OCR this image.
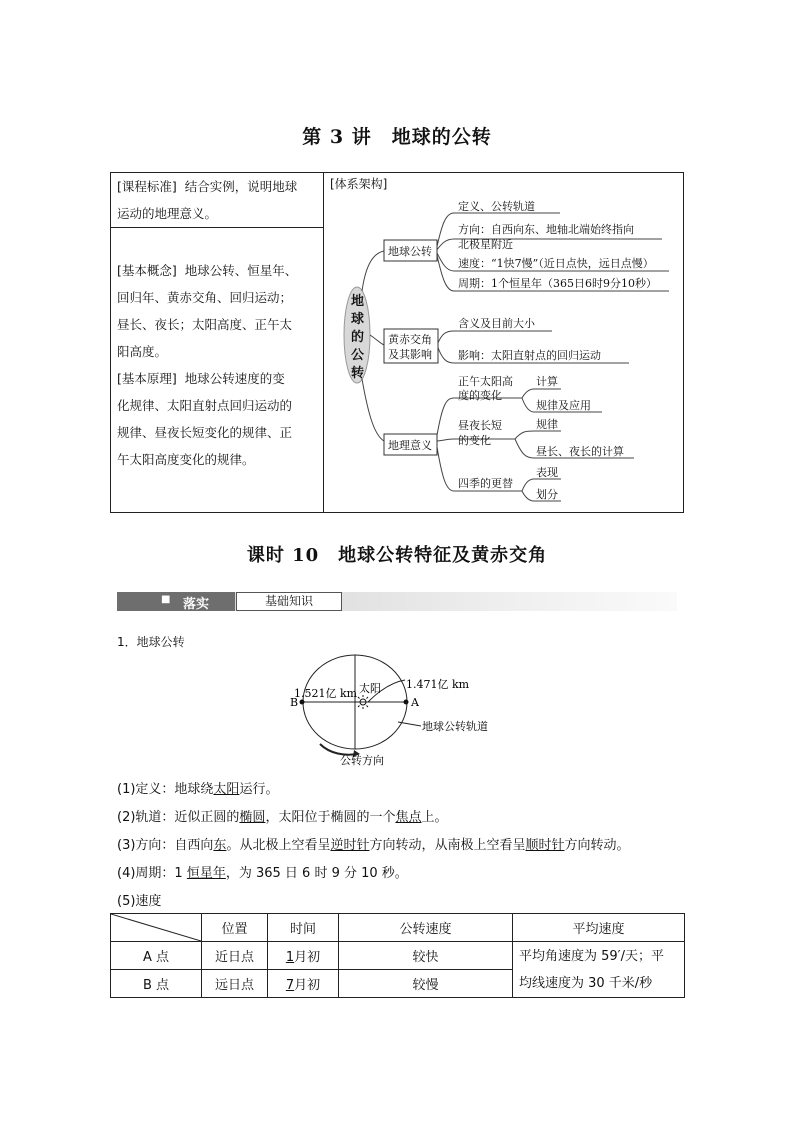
第 3 讲　地球的公转
[课程标准] 结合实例，说明地球
运动的地理意义。
[基本概念] 地球公转、恒星年、
回归年、黄赤交角、回归运动；
昼长、夜长；太阳高度、正午太
阳高度。
[基本原理] 地球公转速度的变
化规律、太阳直射点回归运动的
规律、昼夜长短变化的规律、正
午太阳高度变化的规律。
[体系架构]
地
球
的
公
转
地球公转
黄赤交角
及其影响
地理意义
定义、公转轨道
方向：自西向东、地轴北端始终指向
北极星附近
速度：“1快7慢”（近日点快，远日点慢）
周期：1个恒星年（365日6时9分10秒）
含义及目前大小
影响：太阳直射点的回归运动
正午太阳高
度的变化
计算
规律及应用
昼夜长短
的变化
规律
昼长、夜长的计算
四季的更替
表现
划分
课时 10　地球公转特征及黄赤交角
■ 落实	基础知识
1．地球公转
1.521亿 km
1.471亿 km
太阳
B	A
地球公转轨道
公转方向
(1)定义：地球绕太阳运行。
(2)轨道：近似正圆的椭圆，太阳位于椭圆的一个焦点上。
(3)方向：自西向东。从北极上空看呈逆时针方向转动，从南极上空看呈顺时针方向转动。
(4)周期：1 恒星年，为 365 日 6 时 9 分 10 秒。
(5)速度
	位置	时间	公转速度	平均速度
A 点	近日点	1月初	较快	平均角速度为 59′/天；平
均线速度为 30 千米/秒

B 点	远日点	7月初	较慢	
